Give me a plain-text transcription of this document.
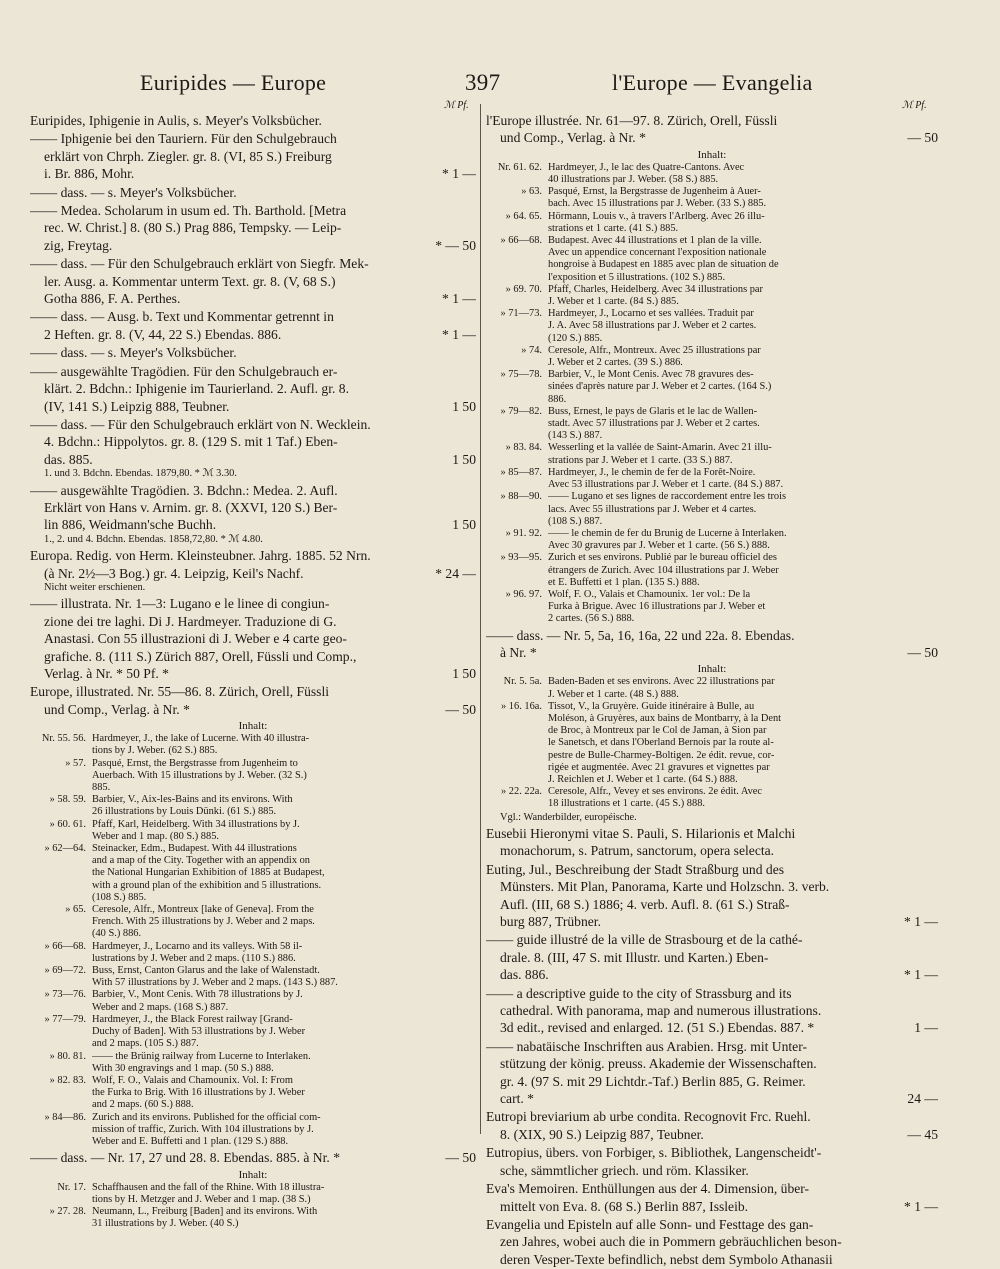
Euripides — Europe	397	l'Europe — Evangelia
ℳ Pf.	ℳ Pf.
Euripides, Iphigenie in Aulis, s. Meyer's Volksbücher.
—— Iphigenie bei den Tauriern. Für den Schulgebrauch
erklärt von Chrph. Ziegler. gr. 8. (VI, 85 S.) Freiburg
i. Br. 886, Mohr.	* 1 —
—— dass. — s. Meyer's Volksbücher.
—— Medea. Scholarum in usum ed. Th. Barthold. [Metra
rec. W. Christ.] 8. (80 S.) Prag 886, Tempsky. — Leip-
zig, Freytag.	* — 50
—— dass. — Für den Schulgebrauch erklärt von Siegfr. Mek-
ler. Ausg. a. Kommentar unterm Text. gr. 8. (V, 68 S.)
Gotha 886, F. A. Perthes.	* 1 —
—— dass. — Ausg. b. Text und Kommentar getrennt in
2 Heften. gr. 8. (V, 44, 22 S.) Ebendas. 886.	* 1 —
—— dass. — s. Meyer's Volksbücher.
—— ausgewählte Tragödien. Für den Schulgebrauch er-
klärt. 2. Bdchn.: Iphigenie im Taurierland. 2. Aufl. gr. 8.
(IV, 141 S.) Leipzig 888, Teubner.	1 50
—— dass. — Für den Schulgebrauch erklärt von N. Wecklein.
4. Bdchn.: Hippolytos. gr. 8. (129 S. mit 1 Taf.) Eben-
das. 885.	1 50
1. und 3. Bdchn. Ebendas. 1879,80. * ℳ 3.30.
—— ausgewählte Tragödien. 3. Bdchn.: Medea. 2. Aufl.
Erklärt von Hans v. Arnim. gr. 8. (XXVI, 120 S.) Ber-
lin 886, Weidmann'sche Buchh.	1 50
1., 2. und 4. Bdchn. Ebendas. 1858,72,80. * ℳ 4.80.
Europa. Redig. von Herm. Kleinsteubner. Jahrg. 1885. 52 Nrn.
(à Nr. 2½—3 Bog.) gr. 4. Leipzig, Keil's Nachf.	* 24 —
Nicht weiter erschienen.
—— illustrata. Nr. 1—3: Lugano e le linee di congiun-
zione dei tre laghi. Di J. Hardmeyer. Traduzione di G.
Anastasi. Con 55 illustrazioni di J. Weber e 4 carte geo-
grafiche. 8. (111 S.) Zürich 887, Orell, Füssli und Comp.,
Verlag. à Nr. * 50 Pf. *	1 50
Europe, illustrated. Nr. 55—86. 8. Zürich, Orell, Füssli
und Comp., Verlag. à Nr. *	— 50
Inhalt:
Nr. 55. 56. Hardmeyer, J., the lake of Lucerne. With 40 illustra-
tions by J. Weber. (62 S.) 885.
» 57. Pasqué, Ernst, the Bergstrasse from Jugenheim to
Auerbach. With 15 illustrations by J. Weber. (32 S.)
885.
» 58. 59. Barbier, V., Aix-les-Bains and its environs. With
26 illustrations by Louis Dünki. (61 S.) 885.
» 60. 61. Pfaff, Karl, Heidelberg. With 34 illustrations by J.
Weber and 1 map. (80 S.) 885.
» 62—64. Steinacker, Edm., Budapest. With 44 illustrations
and a map of the City. Together with an appendix on
the National Hungarian Exhibition of 1885 at Budapest,
with a ground plan of the exhibition and 5 illustrations.
(108 S.) 885.
» 65. Ceresole, Alfr., Montreux [lake of Geneva]. From the
French. With 25 illustrations by J. Weber and 2 maps.
(40 S.) 886.
» 66—68. Hardmeyer, J., Locarno and its valleys. With 58 il-
lustrations by J. Weber and 2 maps. (110 S.) 886.
» 69—72. Buss, Ernst, Canton Glarus and the lake of Walenstadt.
With 57 illustrations by J. Weber and 2 maps. (143 S.) 887.
» 73—76. Barbier, V., Mont Cenis. With 78 illustrations by J.
Weber and 2 maps. (168 S.) 887.
» 77—79. Hardmeyer, J., the Black Forest railway [Grand-
Duchy of Baden]. With 53 illustrations by J. Weber
and 2 maps. (105 S.) 887.
» 80. 81. —— the Brünig railway from Lucerne to Interlaken.
With 30 engravings and 1 map. (50 S.) 888.
» 82. 83. Wolf, F. O., Valais and Chamounix. Vol. I: From
the Furka to Brig. With 16 illustrations by J. Weber
and 2 maps. (60 S.) 888.
» 84—86. Zurich and its environs. Published for the official com-
mission of traffic, Zurich. With 104 illustrations by J.
Weber and E. Buffetti and 1 plan. (129 S.) 888.
—— dass. — Nr. 17, 27 und 28. 8. Ebendas. 885. à Nr. *	— 50
Inhalt:
Nr. 17. Schaffhausen and the fall of the Rhine. With 18 illustra-
tions by H. Metzger and J. Weber and 1 map. (38 S.)
» 27. 28. Neumann, L., Freiburg [Baden] and its environs. With
31 illustrations by J. Weber. (40 S.)
l'Europe illustrée. Nr. 61—97. 8. Zürich, Orell, Füssli
und Comp., Verlag. à Nr. *	— 50
Inhalt:
Nr. 61. 62. Hardmeyer, J., le lac des Quatre-Cantons. Avec
40 illustrations par J. Weber. (58 S.) 885.
» 63. Pasqué, Ernst, la Bergstrasse de Jugenheim à Auer-
bach. Avec 15 illustrations par J. Weber. (33 S.) 885.
» 64. 65. Hörmann, Louis v., à travers l'Arlberg. Avec 26 illu-
strations et 1 carte. (41 S.) 885.
» 66—68. Budapest. Avec 44 illustrations et 1 plan de la ville.
Avec un appendice concernant l'exposition nationale
hongroise à Budapest en 1885 avec plan de situation de
l'exposition et 5 illustrations. (102 S.) 885.
» 69. 70. Pfaff, Charles, Heidelberg. Avec 34 illustrations par
J. Weber et 1 carte. (84 S.) 885.
» 71—73. Hardmeyer, J., Locarno et ses vallées. Traduit par
J. A. Avec 58 illustrations par J. Weber et 2 cartes.
(120 S.) 885.
» 74. Ceresole, Alfr., Montreux. Avec 25 illustrations par
J. Weber et 2 cartes. (39 S.) 886.
» 75—78. Barbier, V., le Mont Cenis. Avec 78 gravures des-
sinées d'après nature par J. Weber et 2 cartes. (164 S.)
886.
» 79—82. Buss, Ernest, le pays de Glaris et le lac de Wallen-
stadt. Avec 57 illustrations par J. Weber et 2 cartes.
(143 S.) 887.
» 83. 84. Wesserling et la vallée de Saint-Amarin. Avec 21 illu-
strations par J. Weber et 1 carte. (33 S.) 887.
» 85—87. Hardmeyer, J., le chemin de fer de la Forêt-Noire.
Avec 53 illustrations par J. Weber et 1 carte. (84 S.) 887.
» 88—90. —— Lugano et ses lignes de raccordement entre les trois
lacs. Avec 55 illustrations par J. Weber et 4 cartes.
(108 S.) 887.
» 91. 92. —— le chemin de fer du Brunig de Lucerne à Interlaken.
Avec 30 gravures par J. Weber et 1 carte. (56 S.) 888.
» 93—95. Zurich et ses environs. Publié par le bureau officiel des
étrangers de Zurich. Avec 104 illustrations par J. Weber
et E. Buffetti et 1 plan. (135 S.) 888.
» 96. 97. Wolf, F. O., Valais et Chamounix. 1er vol.: De la
Furka à Brigue. Avec 16 illustrations par J. Weber et
2 cartes. (56 S.) 888.
—— dass. — Nr. 5, 5a, 16, 16a, 22 und 22a. 8. Ebendas.
à Nr. *	— 50
Inhalt:
Nr. 5. 5a. Baden-Baden et ses environs. Avec 22 illustrations par
J. Weber et 1 carte. (48 S.) 888.
» 16. 16a. Tissot, V., la Gruyère. Guide itinéraire à Bulle, au
Moléson, à Gruyères, aux bains de Montbarry, à la Dent
de Broc, à Montreux par le Col de Jaman, à Sion par
le Sanetsch, et dans l'Oberland Bernois par la route al-
pestre de Bulle-Charmey-Boltigen. 2e édit. revue, cor-
rigée et augmentée. Avec 21 gravures et vignettes par
J. Reichlen et J. Weber et 1 carte. (64 S.) 888.
» 22. 22a. Ceresole, Alfr., Vevey et ses environs. 2e édit. Avec
18 illustrations et 1 carte. (45 S.) 888.
Vgl.: Wanderbilder, européische.
Eusebii Hieronymi vitae S. Pauli, S. Hilarionis et Malchi
monachorum, s. Patrum, sanctorum, opera selecta.
Euting, Jul., Beschreibung der Stadt Straßburg und des
Münsters. Mit Plan, Panorama, Karte und Holzschn. 3. verb.
Aufl. (III, 68 S.) 1886; 4. verb. Aufl. 8. (61 S.) Straß-
burg 887, Trübner.	* 1 —
—— guide illustré de la ville de Strasbourg et de la cathé-
drale. 8. (III, 47 S. mit Illustr. und Karten.) Eben-
das. 886.	* 1 —
—— a descriptive guide to the city of Strassburg and its
cathedral. With panorama, map and numerous illustrations.
3d edit., revised and enlarged. 12. (51 S.) Ebendas. 887. *	1 —
—— nabatäische Inschriften aus Arabien. Hrsg. mit Unter-
stützung der könig. preuss. Akademie der Wissenschaften.
gr. 4. (97 S. mit 29 Lichtdr.-Taf.) Berlin 885, G. Reimer.
cart. *	24 —
Eutropi breviarium ab urbe condita. Recognovit Frc. Ruehl.
8. (XIX, 90 S.) Leipzig 887, Teubner.	— 45
Eutropius, übers. von Forbiger, s. Bibliothek, Langenscheidt'-
sche, sämmtlicher griech. und röm. Klassiker.
Eva's Memoiren. Enthüllungen aus der 4. Dimension, über-
mittelt von Eva. 8. (68 S.) Berlin 887, Issleib.	* 1 —
Evangelia und Episteln auf alle Sonn- und Festtage des gan-
zen Jahres, wobei auch die in Pommern gebräuchlichen beson-
deren Vesper-Texte befindlich, nebst dem Symbolo Athanasii
